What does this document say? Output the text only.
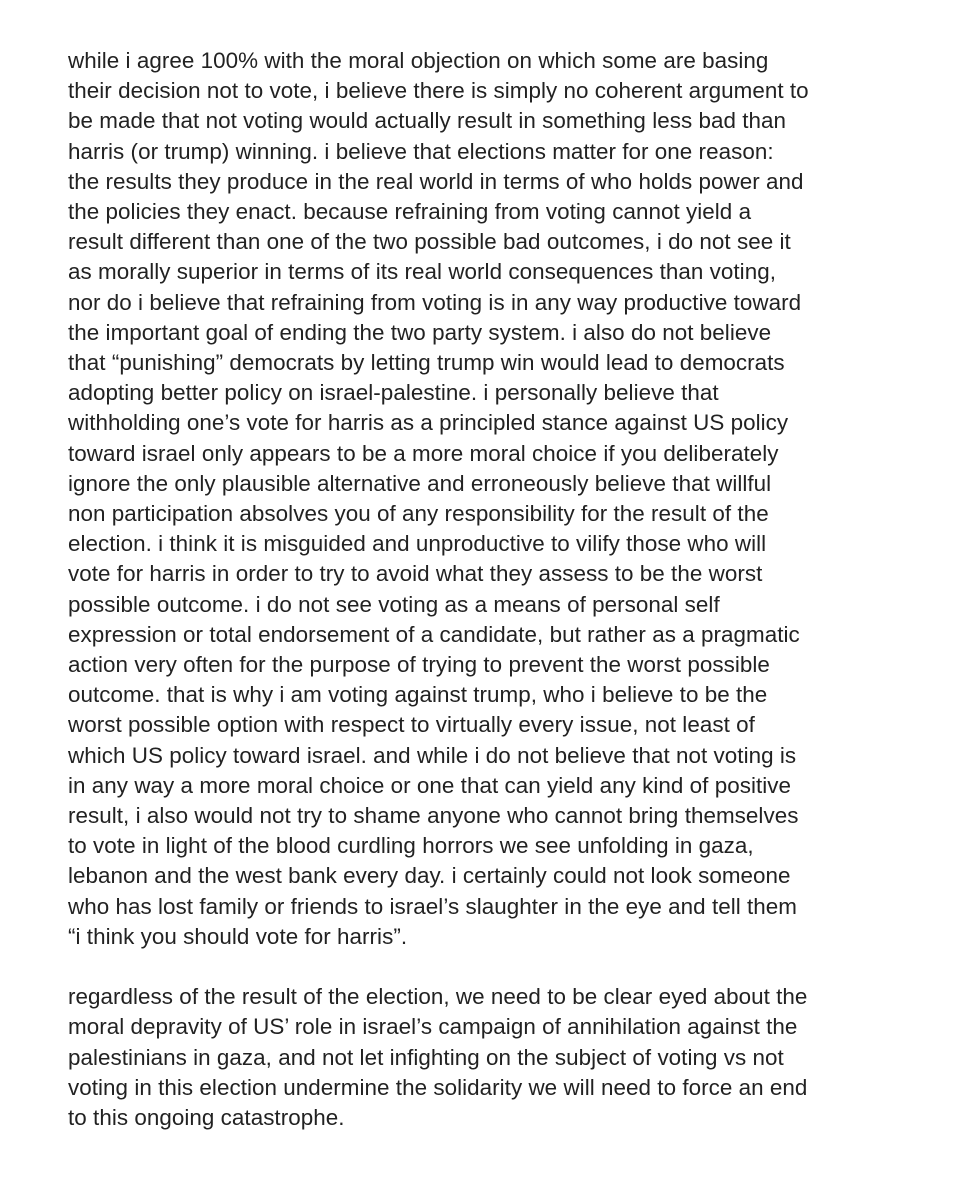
while i agree 100% with the moral objection on which some are basing
their decision not to vote, i believe there is simply no coherent argument to
be made that not voting would actually result in something less bad than
harris (or trump) winning. i believe that elections matter for one reason:
the results they produce in the real world in terms of who holds power and
the policies they enact. because refraining from voting cannot yield a
result different than one of the two possible bad outcomes, i do not see it
as morally superior in terms of its real world consequences than voting,
nor do i believe that refraining from voting is in any way productive toward
the important goal of ending the two party system. i also do not believe
that “punishing” democrats by letting trump win would lead to democrats
adopting better policy on israel-palestine. i personally believe that
withholding one’s vote for harris as a principled stance against US policy
toward israel only appears to be a more moral choice if you deliberately
ignore the only plausible alternative and erroneously believe that willful
non participation absolves you of any responsibility for the result of the
election. i think it is misguided and unproductive to vilify those who will
vote for harris in order to try to avoid what they assess to be the worst
possible outcome. i do not see voting as a means of personal self
expression or total endorsement of a candidate, but rather as a pragmatic
action very often for the purpose of trying to prevent the worst possible
outcome. that is why i am voting against trump, who i believe to be the
worst possible option with respect to virtually every issue, not least of
which US policy toward israel. and while i do not believe that not voting is
in any way a more moral choice or one that can yield any kind of positive
result, i also would not try to shame anyone who cannot bring themselves
to vote in light of the blood curdling horrors we see unfolding in gaza,
lebanon and the west bank every day. i certainly could not look someone
who has lost family or friends to israel’s slaughter in the eye and tell them
“i think you should vote for harris”.
regardless of the result of the election, we need to be clear eyed about the
moral depravity of US’ role in israel’s campaign of annihilation against the
palestinians in gaza, and not let infighting on the subject of voting vs not
voting in this election undermine the solidarity we will need to force an end
to this ongoing catastrophe.
